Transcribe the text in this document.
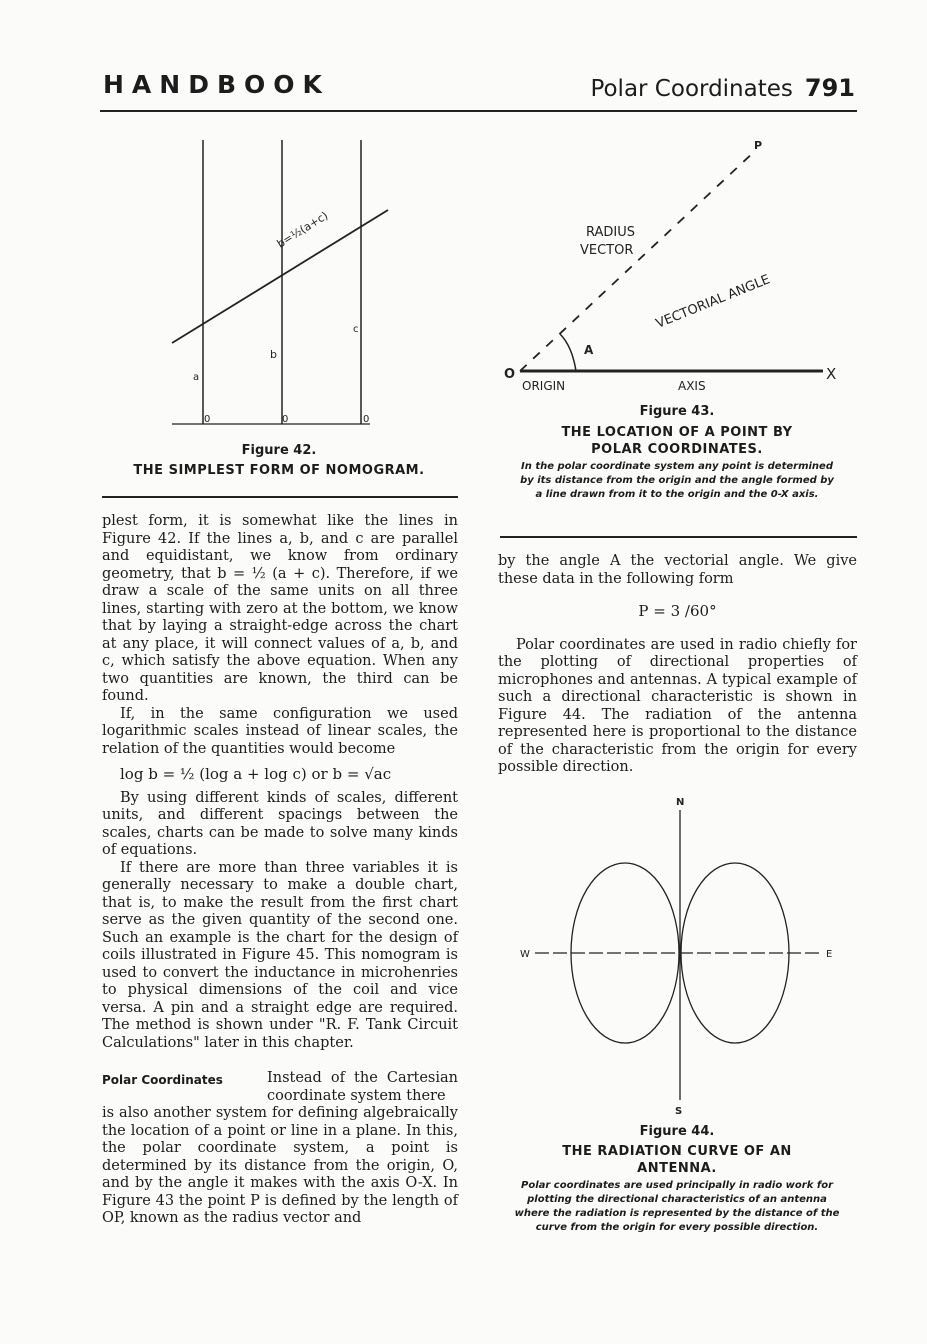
HANDBOOK	Polar Coordinates 791
b=½(a+c)
a
b
c
0	0	0
Figure 42.
THE SIMPLEST FORM OF NOMOGRAM.

plest form, it is somewhat like the lines in Figure 42. If the lines a, b, and c are parallel and equidistant, we know from ordinary geometry, that b = ½ (a + c). Therefore, if we draw a scale of the same units on all three lines, starting with zero at the bottom, we know that by laying a straight-edge across the chart at any place, it will connect values of a, b, and c, which satisfy the above equation. When any two quantities are known, the third can be found.

If, in the same configuration we used logarithmic scales instead of linear scales, the relation of the quantities would become

log b = ½ (log a + log c) or b = √ac

By using different kinds of scales, different units, and different spacings between the scales, charts can be made to solve many kinds of equations.

If there are more than three variables it is generally necessary to make a double chart, that is, to make the result from the first chart serve as the given quantity of the second one. Such an example is the chart for the design of coils illustrated in Figure 45. This nomogram is used to convert the inductance in microhenries to physical dimensions of the coil and vice versa. A pin and a straight edge are required. The method is shown under "R. F. Tank Circuit Calculations" later in this chapter.

Polar Coordinates	Instead of the Cartesian coordinate system there

is also another system for defining algebraically the location of a point or line in a plane. In this, the polar coordinate system, a point is determined by its distance from the origin, O, and by the angle it makes with the axis O-X. In Figure 43 the point P is defined by the length of OP, known as the radius vector and

P
RADIUS
VECTOR
VECTORIAL ANGLE
A
O
ORIGIN	AXIS
X
Figure 43.
THE LOCATION OF A POINT BY POLAR COORDINATES.
In the polar coordinate system any point is determined by its distance from the origin and the angle formed by a line drawn from it to the origin and the 0-X axis.

by the angle A the vectorial angle. We give these data in the following form

P = 3 /60°

Polar coordinates are used in radio chiefly for the plotting of directional properties of microphones and antennas. A typical example of such a directional characteristic is shown in Figure 44. The radiation of the antenna represented here is proportional to the distance of the characteristic from the origin for every possible direction.

N
S
W	E
Figure 44.
THE RADIATION CURVE OF AN ANTENNA.
Polar coordinates are used principally in radio work for plotting the directional characteristics of an antenna where the radiation is represented by the distance of the curve from the origin for every possible direction.
